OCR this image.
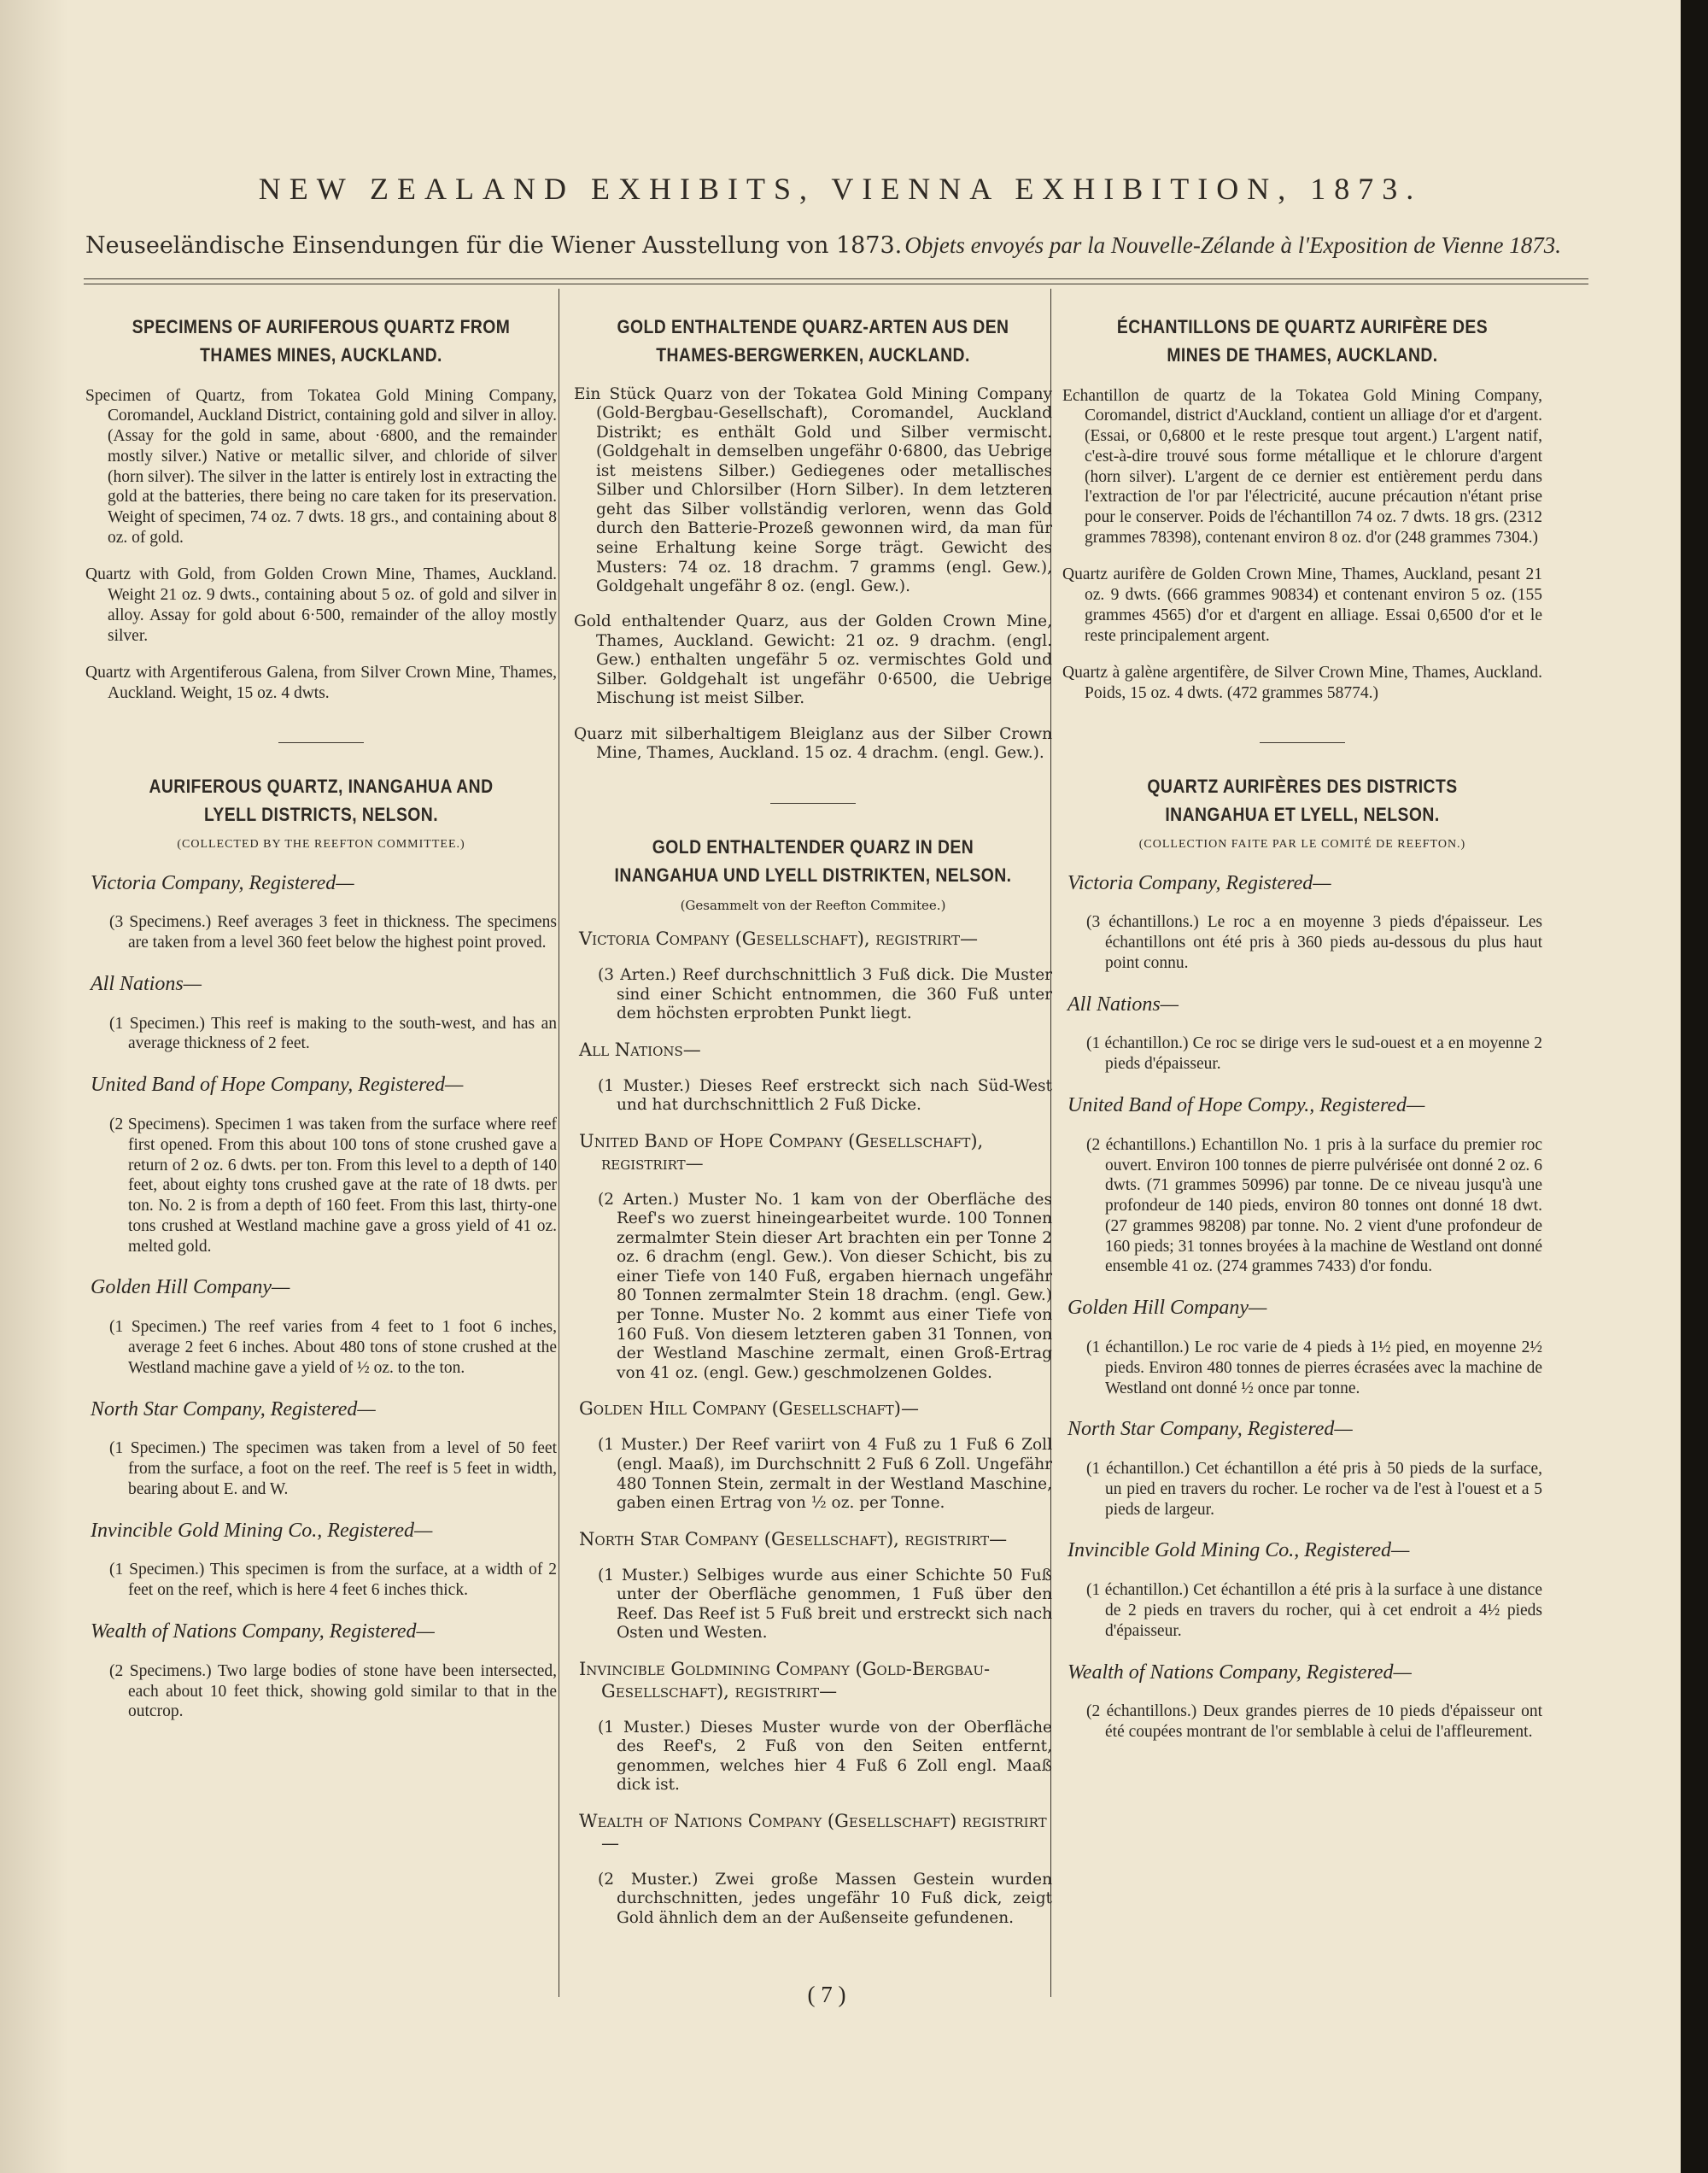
NEW ZEALAND EXHIBITS, VIENNA EXHIBITION, 1873.
Neuseeländische Einsendungen für die Wiener Ausstellung von 1873. Objets envoyés par la Nouvelle-Zélande à l'Exposition de Vienne 1873.
SPECIMENS OF AURIFEROUS QUARTZ FROM THAMES MINES, AUCKLAND.

Specimen of Quartz, from Tokatea Gold Mining Company, Coromandel, Auckland District, containing gold and silver in alloy. (Assay for the gold in same, about ·6800, and the remainder mostly silver.) Native or metallic silver, and chloride of silver (horn silver). The silver in the latter is entirely lost in extracting the gold at the batteries, there being no care taken for its preservation. Weight of specimen, 74 oz. 7 dwts. 18 grs., and containing about 8 oz. of gold.

Quartz with Gold, from Golden Crown Mine, Thames, Auckland. Weight 21 oz. 9 dwts., containing about 5 oz. of gold and silver in alloy. Assay for gold about 6·500, remainder of the alloy mostly silver.

Quartz with Argentiferous Galena, from Silver Crown Mine, Thames, Auckland. Weight, 15 oz. 4 dwts.

AURIFEROUS QUARTZ, INANGAHUA AND LYELL DISTRICTS, NELSON.
(COLLECTED BY THE REEFTON COMMITTEE.)
Victoria Company, Registered—

(3 Specimens.) Reef averages 3 feet in thickness. The specimens are taken from a level 360 feet below the highest point proved.

All Nations—

(1 Specimen.) This reef is making to the south-west, and has an average thickness of 2 feet.

United Band of Hope Company, Registered—

(2 Specimens). Specimen 1 was taken from the surface where reef first opened. From this about 100 tons of stone crushed gave a return of 2 oz. 6 dwts. per ton. From this level to a depth of 140 feet, about eighty tons crushed gave at the rate of 18 dwts. per ton. No. 2 is from a depth of 160 feet. From this last, thirty-one tons crushed at Westland machine gave a gross yield of 41 oz. melted gold.

Golden Hill Company—

(1 Specimen.) The reef varies from 4 feet to 1 foot 6 inches, average 2 feet 6 inches. About 480 tons of stone crushed at the Westland machine gave a yield of ½ oz. to the ton.

North Star Company, Registered—

(1 Specimen.) The specimen was taken from a level of 50 feet from the surface, a foot on the reef. The reef is 5 feet in width, bearing about E. and W.

Invincible Gold Mining Co., Registered—

(1 Specimen.) This specimen is from the surface, at a width of 2 feet on the reef, which is here 4 feet 6 inches thick.

Wealth of Nations Company, Registered—

(2 Specimens.) Two large bodies of stone have been intersected, each about 10 feet thick, showing gold similar to that in the outcrop.

GOLD ENTHALTENDE QUARZ-ARTEN AUS DEN THAMES-BERGWERKEN, AUCKLAND.

Ein Stück Quarz von der Tokatea Gold Mining Company (Gold-Bergbau-Gesellschaft), Coromandel, Auckland Distrikt; es enthält Gold und Silber vermischt. (Goldgehalt in demselben ungefähr 0·6800, das Uebrige ist meistens Silber.) Gediegenes oder metallisches Silber und Chlorsilber (Horn Silber). In dem letzteren geht das Silber vollständig verloren, wenn das Gold durch den Batterie-Prozeß gewonnen wird, da man für seine Erhaltung keine Sorge trägt. Gewicht des Musters: 74 oz. 18 drachm. 7 gramms (engl. Gew.), Goldgehalt ungefähr 8 oz. (engl. Gew.).

Gold enthaltender Quarz, aus der Golden Crown Mine, Thames, Auckland. Gewicht: 21 oz. 9 drachm. (engl. Gew.) enthalten ungefähr 5 oz. vermischtes Gold und Silber. Goldgehalt ist ungefähr 0·6500, die Uebrige Mischung ist meist Silber.

Quarz mit silberhaltigem Bleiglanz aus der Silber Crown Mine, Thames, Auckland. 15 oz. 4 drachm. (engl. Gew.).

GOLD ENTHALTENDER QUARZ IN DEN INANGAHUA UND LYELL DISTRIKTEN, NELSON.
(Gesammelt von der Reefton Commitee.)
Victoria Company (Gesellschaft), registrirt—

(3 Arten.) Reef durchschnittlich 3 Fuß dick. Die Muster sind einer Schicht entnommen, die 360 Fuß unter dem höchsten erprobten Punkt liegt.

All Nations—

(1 Muster.) Dieses Reef erstreckt sich nach Süd-West und hat durchschnittlich 2 Fuß Dicke.

United Band of Hope Company (Gesellschaft), registrirt—

(2 Arten.) Muster No. 1 kam von der Oberfläche des Reef's wo zuerst hineingearbeitet wurde. 100 Tonnen zermalmter Stein dieser Art brachten ein per Tonne 2 oz. 6 drachm (engl. Gew.). Von dieser Schicht, bis zu einer Tiefe von 140 Fuß, ergaben hiernach ungefähr 80 Tonnen zermalmter Stein 18 drachm. (engl. Gew.) per Tonne. Muster No. 2 kommt aus einer Tiefe von 160 Fuß. Von diesem letzteren gaben 31 Tonnen, von der Westland Maschine zermalt, einen Groß-Ertrag von 41 oz. (engl. Gew.) geschmolzenen Goldes.

Golden Hill Company (Gesellschaft)—

(1 Muster.) Der Reef variirt von 4 Fuß zu 1 Fuß 6 Zoll (engl. Maaß), im Durchschnitt 2 Fuß 6 Zoll. Ungefähr 480 Tonnen Stein, zermalt in der Westland Maschine, gaben einen Ertrag von ½ oz. per Tonne.

North Star Company (Gesellschaft), registrirt—

(1 Muster.) Selbiges wurde aus einer Schichte 50 Fuß unter der Oberfläche genommen, 1 Fuß über den Reef. Das Reef ist 5 Fuß breit und erstreckt sich nach Osten und Westen.

Invincible Goldmining Company (Gold-Bergbau-Gesellschaft), registrirt—

(1 Muster.) Dieses Muster wurde von der Oberfläche des Reef's, 2 Fuß von den Seiten entfernt, genommen, welches hier 4 Fuß 6 Zoll engl. Maaß dick ist.

Wealth of Nations Company (Gesellschaft) registrirt—

(2 Muster.) Zwei große Massen Gestein wurden durchschnitten, jedes ungefähr 10 Fuß dick, zeigt Gold ähnlich dem an der Außenseite gefundenen.

ÉCHANTILLONS DE QUARTZ AURIFÈRE DES MINES DE THAMES, AUCKLAND.

Echantillon de quartz de la Tokatea Gold Mining Company, Coromandel, district d'Auckland, contient un alliage d'or et d'argent. (Essai, or 0,6800 et le reste presque tout argent.) L'argent natif, c'est-à-dire trouvé sous forme métallique et le chlorure d'argent (horn silver). L'argent de ce dernier est entièrement perdu dans l'extraction de l'or par l'électricité, aucune précaution n'étant prise pour le conserver. Poids de l'échantillon 74 oz. 7 dwts. 18 grs. (2312 grammes 78398), contenant environ 8 oz. d'or (248 grammes 7304.)

Quartz aurifère de Golden Crown Mine, Thames, Auckland, pesant 21 oz. 9 dwts. (666 grammes 90834) et contenant environ 5 oz. (155 grammes 4565) d'or et d'argent en alliage. Essai 0,6500 d'or et le reste principalement argent.

Quartz à galène argentifère, de Silver Crown Mine, Thames, Auckland. Poids, 15 oz. 4 dwts. (472 grammes 58774.)

QUARTZ AURIFÈRES DES DISTRICTS INANGAHUA ET LYELL, NELSON.
(COLLECTION FAITE PAR LE COMITÉ DE REEFTON.)
Victoria Company, Registered—

(3 échantillons.) Le roc a en moyenne 3 pieds d'épaisseur. Les échantillons ont été pris à 360 pieds au-dessous du plus haut point connu.

All Nations—

(1 échantillon.) Ce roc se dirige vers le sud-ouest et a en moyenne 2 pieds d'épaisseur.

United Band of Hope Compy., Registered—

(2 échantillons.) Echantillon No. 1 pris à la surface du premier roc ouvert. Environ 100 tonnes de pierre pulvérisée ont donné 2 oz. 6 dwts. (71 grammes 50996) par tonne. De ce niveau jusqu'à une profondeur de 140 pieds, environ 80 tonnes ont donné 18 dwt. (27 grammes 98208) par tonne. No. 2 vient d'une profondeur de 160 pieds; 31 tonnes broyées à la machine de Westland ont donné ensemble 41 oz. (274 grammes 7433) d'or fondu.

Golden Hill Company—

(1 échantillon.) Le roc varie de 4 pieds à 1½ pied, en moyenne 2½ pieds. Environ 480 tonnes de pierres écrasées avec la machine de Westland ont donné ½ once par tonne.

North Star Company, Registered—

(1 échantillon.) Cet échantillon a été pris à 50 pieds de la surface, un pied en travers du rocher. Le rocher va de l'est à l'ouest et a 5 pieds de largeur.

Invincible Gold Mining Co., Registered—

(1 échantillon.) Cet échantillon a été pris à la surface à une distance de 2 pieds en travers du rocher, qui à cet endroit a 4½ pieds d'épaisseur.

Wealth of Nations Company, Registered—

(2 échantillons.) Deux grandes pierres de 10 pieds d'épaisseur ont été coupées montrant de l'or semblable à celui de l'affleurement.

( 7 )
